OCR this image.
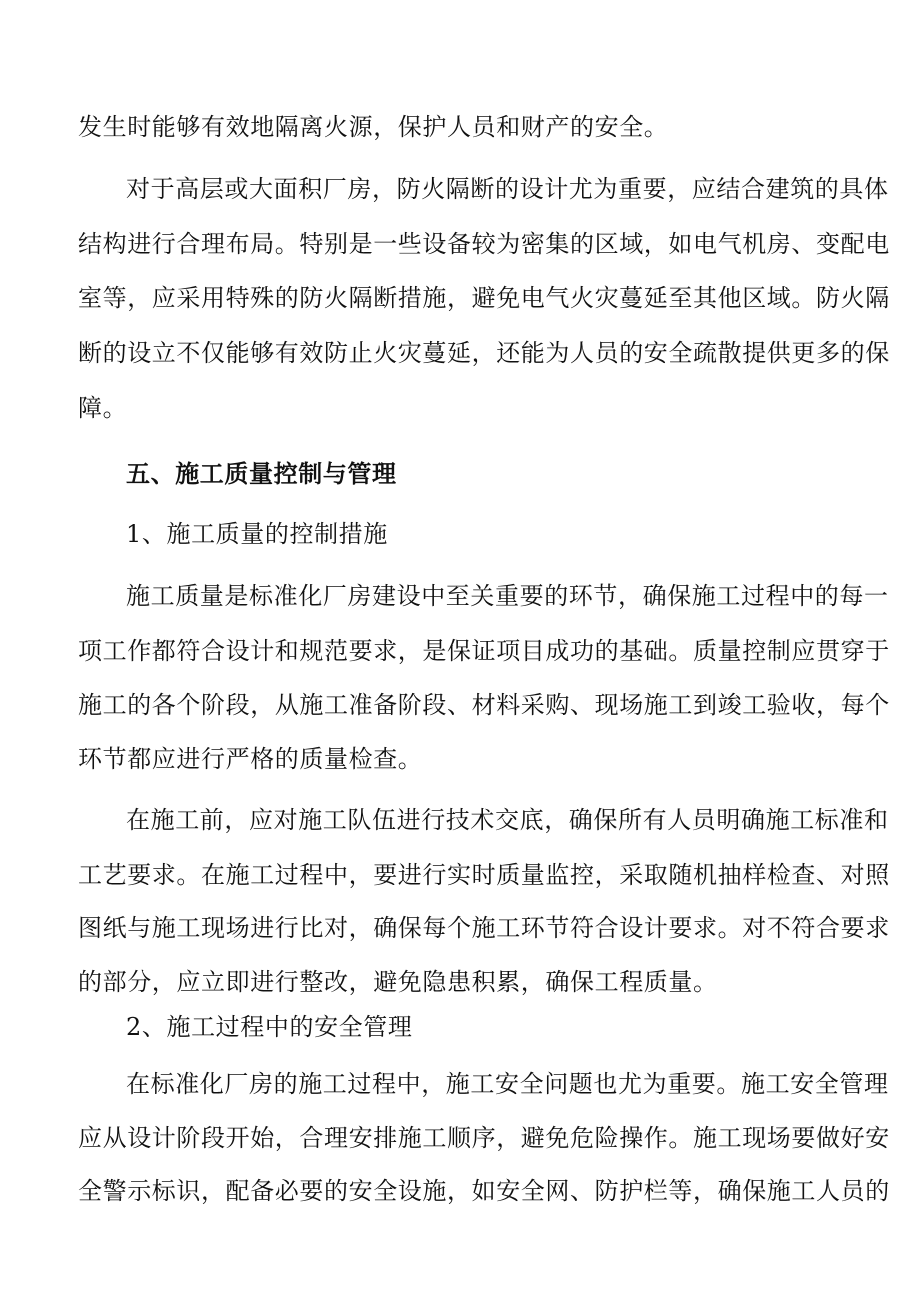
发生时能够有效地隔离火源，保护人员和财产的安全。
对于高层或大面积厂房，防火隔断的设计尤为重要，应结合建筑的具体
结构进行合理布局。特别是一些设备较为密集的区域，如电气机房、变配电
室等，应采用特殊的防火隔断措施，避免电气火灾蔓延至其他区域。防火隔
断的设立不仅能够有效防止火灾蔓延，还能为人员的安全疏散提供更多的保
障。
五、施工质量控制与管理
1、施工质量的控制措施
施工质量是标准化厂房建设中至关重要的环节，确保施工过程中的每一
项工作都符合设计和规范要求，是保证项目成功的基础。质量控制应贯穿于
施工的各个阶段，从施工准备阶段、材料采购、现场施工到竣工验收，每个
环节都应进行严格的质量检查。
在施工前，应对施工队伍进行技术交底，确保所有人员明确施工标准和
工艺要求。在施工过程中，要进行实时质量监控，采取随机抽样检查、对照
图纸与施工现场进行比对，确保每个施工环节符合设计要求。对不符合要求
的部分，应立即进行整改，避免隐患积累，确保工程质量。
2、施工过程中的安全管理
在标准化厂房的施工过程中，施工安全问题也尤为重要。施工安全管理
应从设计阶段开始，合理安排施工顺序，避免危险操作。施工现场要做好安
全警示标识，配备必要的安全设施，如安全网、防护栏等，确保施工人员的
